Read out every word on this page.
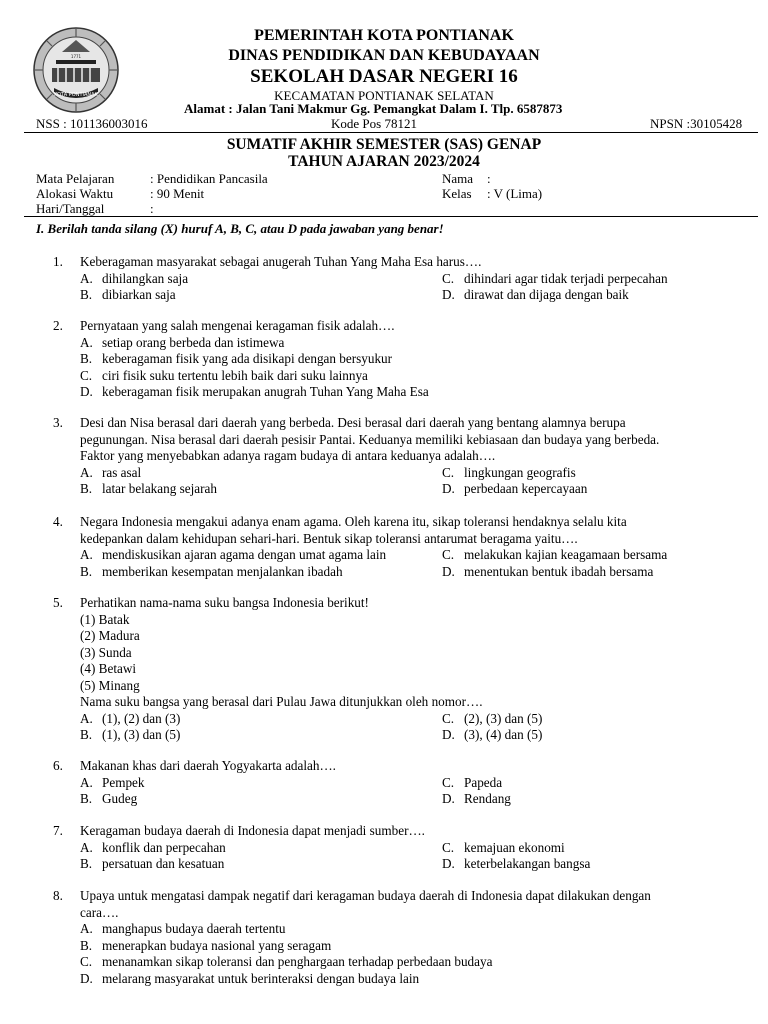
KOTA PONTIANAK
1771
PEMERINTAH KOTA PONTIANAK
DINAS PENDIDIKAN DAN KEBUDAYAAN
SEKOLAH DASAR NEGERI 16
KECAMATAN PONTIANAK SELATAN
Alamat : Jalan Tani Makmur Gg. Pemangkat Dalam I. Tlp. 6587873
NSS : 101136003016	Kode Pos 78121	NPSN :30105428
SUMATIF AKHIR SEMESTER (SAS) GENAP
TAHUN AJARAN 2023/2024
Mata Pelajaran	: Pendidikan Pancasila	Nama :
Alokasi Waktu	: 90 Menit	Kelas : V (Lima)
Hari/Tanggal	:
I. Berilah tanda silang (X) huruf A, B, C, atau D pada jawaban yang benar!
1. Keberagaman masyarakat sebagai anugerah Tuhan Yang Maha Esa harus….
A. dihilangkan saja
B. dibiarkan saja
C. dihindari agar tidak terjadi perpecahan
D. dirawat dan dijaga dengan baik
2. Pernyataan yang salah mengenai keragaman fisik adalah….
A. setiap orang berbeda dan istimewa
B. keberagaman fisik yang ada disikapi dengan bersyukur
C. ciri fisik suku tertentu lebih baik dari suku lainnya
D. keberagaman fisik merupakan anugrah Tuhan Yang Maha Esa
3. Desi dan Nisa berasal dari daerah yang berbeda. Desi berasal dari daerah yang bentang alamnya berupa
pegunungan. Nisa berasal dari daerah pesisir Pantai. Keduanya memiliki kebiasaan dan budaya yang berbeda.
Faktor yang menyebabkan adanya ragam budaya di antara keduanya adalah….
A. ras asal
B. latar belakang sejarah
C. lingkungan geografis
D. perbedaan kepercayaan
4. Negara Indonesia mengakui adanya enam agama. Oleh karena itu, sikap toleransi hendaknya selalu kita
kedepankan dalam kehidupan sehari-hari. Bentuk sikap toleransi antarumat beragama yaitu….
A. mendiskusikan ajaran agama dengan umat agama lain
B. memberikan kesempatan menjalankan ibadah
C. melakukan kajian keagamaan bersama
D. menentukan bentuk ibadah bersama
5. Perhatikan nama-nama suku bangsa Indonesia berikut!
(1) Batak
(2) Madura
(3) Sunda
(4) Betawi
(5) Minang
Nama suku bangsa yang berasal dari Pulau Jawa ditunjukkan oleh nomor….
A. (1), (2) dan (3)
B. (1), (3) dan (5)
C. (2), (3) dan (5)
D. (3), (4) dan (5)
6. Makanan khas dari daerah Yogyakarta adalah….
A. Pempek
B. Gudeg
C. Papeda
D. Rendang
7. Keragaman budaya daerah di Indonesia dapat menjadi sumber….
A. konflik dan perpecahan
B. persatuan dan kesatuan
C. kemajuan ekonomi
D. keterbelakangan bangsa
8. Upaya untuk mengatasi dampak negatif dari keragaman budaya daerah di Indonesia dapat dilakukan dengan
cara….
A. manghapus budaya daerah tertentu
B. menerapkan budaya nasional yang seragam
C. menanamkan sikap toleransi dan penghargaan terhadap perbedaan budaya
D. melarang masyarakat untuk berinteraksi dengan budaya lain
